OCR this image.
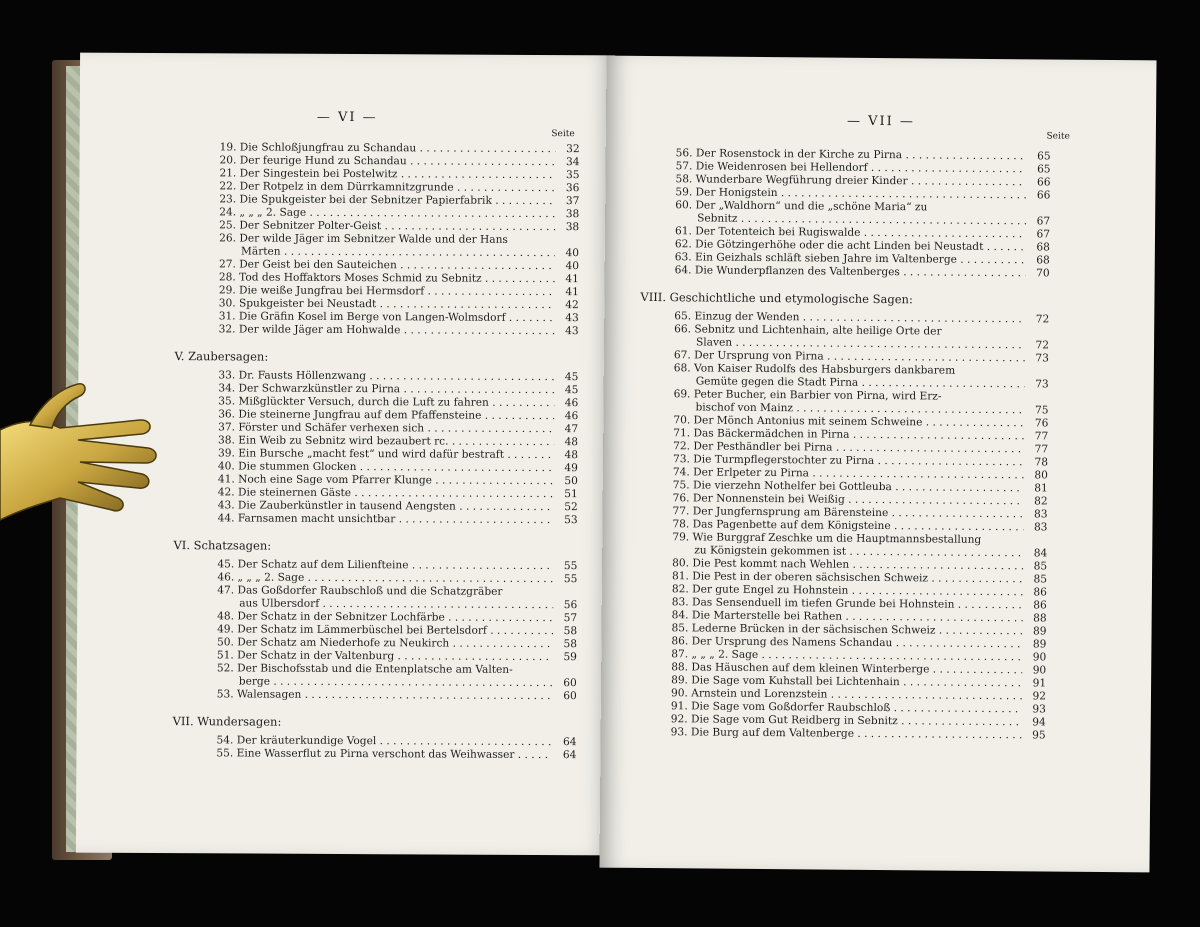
— VI —
Seite
19. Die Schloßjungfrau zu Schandau . . .	32
20. Der feurige Hund zu Schandau . . .	34
21. Der Singestein bei Postelwitz . . .	35
22. Der Rotpelz in dem Dürrkamnitzgrunde . . .	36
23. Die Spukgeister bei der Sebnitzer Papierfabrik . . .	37
24. „ „ „ 2. Sage . . .	38
25. Der Sebnitzer Polter-Geist . . .	38
26. Der wilde Jäger im Sebnitzer Walde und der Hans
Märten . . .	40
27. Der Geist bei den Sauteichen . . .	40
28. Tod des Hoffaktors Moses Schmid zu Sebnitz . . .	41
29. Die weiße Jungfrau bei Hermsdorf . . .	41
30. Spukgeister bei Neustadt . . .	42
31. Die Gräfin Kosel im Berge von Langen-Wolmsdorf . . .	43
32. Der wilde Jäger am Hohwalde . . .	43
V. Zaubersagen:
33. Dr. Fausts Höllenzwang . . .	45
34. Der Schwarzkünstler zu Pirna . . .	45
35. Mißglückter Versuch, durch die Luft zu fahren . . .	46
36. Die steinerne Jungfrau auf dem Pfaffensteine . . .	46
37. Förster und Schäfer verhexen sich . . .	47
38. Ein Weib zu Sebnitz wird bezaubert rc. . . .	48
39. Ein Bursche „macht fest“ und wird dafür bestraft . . .	48
40. Die stummen Glocken . . .	49
41. Noch eine Sage vom Pfarrer Klunge . . .	50
42. Die steinernen Gäste . . .	51
43. Die Zauberkünstler in tausend Aengsten . . .	52
44. Farnsamen macht unsichtbar . . .	53
VI. Schatzsagen:
45. Der Schatz auf dem Lilienfteine . . .	55
46. „ „ „ 2. Sage . . .	55
47. Das Goßdorfer Raubschloß und die Schatzgräber
aus Ulbersdorf . . .	56
48. Der Schatz in der Sebnitzer Lochfärbe . . .	57
49. Der Schatz im Lämmerbüschel bei Bertelsdorf . . .	58
50. Der Schatz am Niederhofe zu Neukirch . . .	58
51. Der Schatz in der Valtenburg . . .	59
52. Der Bischofsstab und die Entenplatsche am Valten-
berge . . .	60
53. Walensagen . . .	60
VII. Wundersagen:
54. Der kräuterkundige Vogel . . .	64
55. Eine Wasserflut zu Pirna verschont das Weihwasser . . .	64
— VII —
Seite
56. Der Rosenstock in der Kirche zu Pirna . . .	65
57. Die Weidenrosen bei Hellendorf . . .	65
58. Wunderbare Wegführung dreier Kinder . . .	66
59. Der Honigstein . . .	66
60. Der „Waldhorn“ und die „schöne Maria“ zu
Sebnitz . . .	67
61. Der Totenteich bei Rugiswalde . . .	67
62. Die Götzingerhöhe oder die acht Linden bei Neustadt . . .	68
63. Ein Geizhals schläft sieben Jahre im Valtenberge . . .	68
64. Die Wunderpflanzen des Valtenberges . . .	70
VIII. Geschichtliche und etymologische Sagen:
65. Einzug der Wenden . . .	72
66. Sebnitz und Lichtenhain, alte heilige Orte der
Slaven . . .	72
67. Der Ursprung von Pirna . . .	73
68. Von Kaiser Rudolfs des Habsburgers dankbarem
Gemüte gegen die Stadt Pirna . . .	73
69. Peter Bucher, ein Barbier von Pirna, wird Erz-
bischof von Mainz . . .	75
70. Der Mönch Antonius mit seinem Schweine . . .	76
71. Das Bäckermädchen in Pirna . . .	77
72. Der Pesthändler bei Pirna . . .	77
73. Die Turmpflegerstochter zu Pirna . . .	78
74. Der Erlpeter zu Pirna . . .	80
75. Die vierzehn Nothelfer bei Gottleuba . . .	81
76. Der Nonnenstein bei Weißig . . .	82
77. Der Jungfernsprung am Bärensteine . . .	83
78. Das Pagenbette auf dem Königsteine . . .	83
79. Wie Burggraf Zeschke um die Hauptmannsbestallung
zu Königstein gekommen ist . . .	84
80. Die Pest kommt nach Wehlen . . .	85
81. Die Pest in der oberen sächsischen Schweiz . . .	85
82. Der gute Engel zu Hohnstein . . .	86
83. Das Sensenduell im tiefen Grunde bei Hohnstein . . .	86
84. Die Marterstelle bei Rathen . . .	88
85. Lederne Brücken in der sächsischen Schweiz . . .	89
86. Der Ursprung des Namens Schandau . . .	89
87. „ „ „ 2. Sage . . .	90
88. Das Häuschen auf dem kleinen Winterberge . . .	90
89. Die Sage vom Kuhstall bei Lichtenhain . . .	91
90. Arnstein und Lorenzstein . . .	92
91. Die Sage vom Goßdorfer Raubschloß . . .	93
92. Die Sage vom Gut Reidberg in Sebnitz . . .	94
93. Die Burg auf dem Valtenberge . . .	95
